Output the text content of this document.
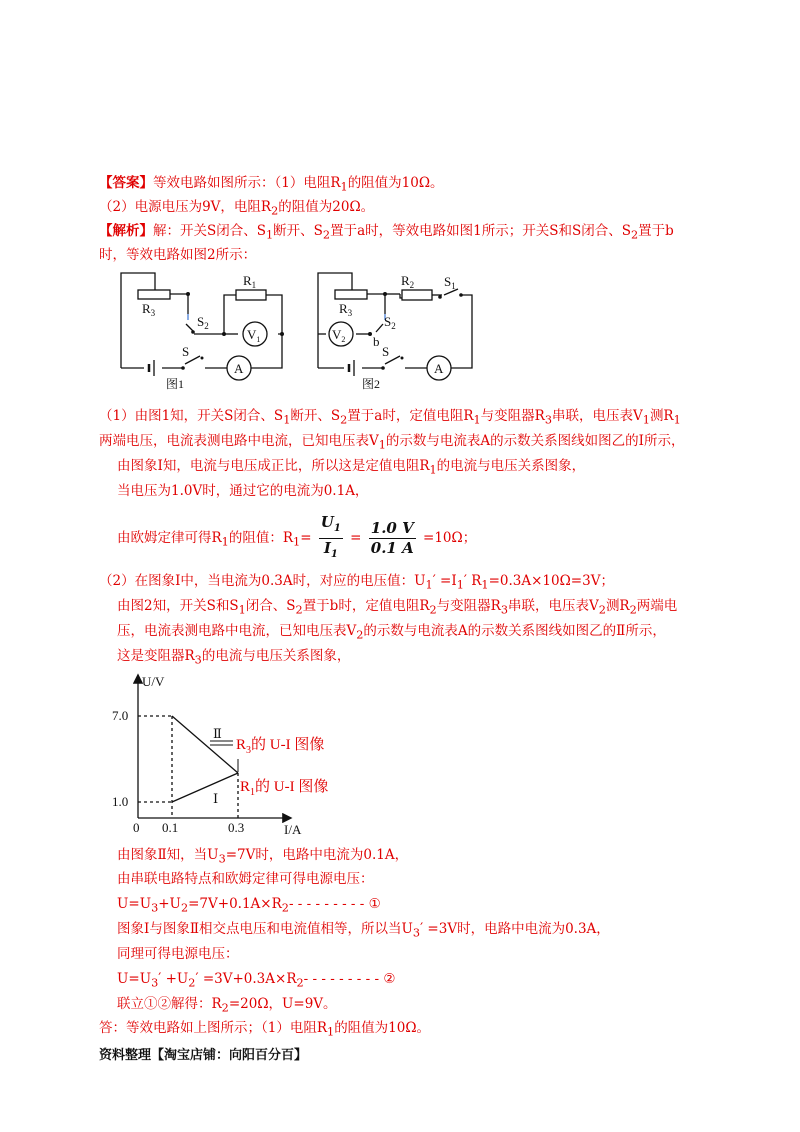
【答案】等效电路如图所示：（1）电阻$R_1$的阻值为10Ω。
（2）电源电压为9V，电阻$R_2$的阻值为20Ω。
【解析】解：开关S闭合、$S_1$断开、$S_2$置于a时，等效电路如图1所示；开关S和S闭合、$S_2$置于b
时，等效电路如图2所示：
$R_3$
$R_1$
$S_2$
$V_1$
S
A
图1
$R_3$
$R_2$ $S_1$
$S_2$
$V_2$ b
S
A
图2
（1）由图1知，开关S闭合、$S_1$断开、$S_2$置于a时，定值电阻$R_1$与变阻器$R_3$串联，电压表$V_1$测$R_1$
两端电压，电流表测电路中电流，已知电压表$V_1$的示数与电流表A的示数关系图线如图乙的Ⅰ所示，
由图象Ⅰ知，电流与电压成正比，所以这是定值电阻$R_1$的电流与电压关系图象，
当电压为1.0V时，通过它的电流为0.1A，
由欧姆定律可得$R_1$的阻值：$R_1= \frac{U_1}{I_1} = \frac{1.0 V}{0.1 A} =10\Omega$；
（2）在图象Ⅰ中，当电流为0.3A时，对应的电压值：$U_1' =I_1'$ $R_1=0.3A\times 10\Omega=3V$；
由图2知，开关S和$S_1$闭合、$S_2$置于b时，定值电阻$R_2$与变阻器$R_3$串联，电压表$V_2$测$R_2$两端电
压，电流表测电路中电流，已知电压表$V_2$的示数与电流表A的示数关系图线如图乙的Ⅱ所示，
这是变阻器$R_3$的电流与电压关系图象，
U/V
I/A
7.0
1.0
0 0.1	0.3
Ⅱ
Ⅰ
$R_3$的 U-I 图像
$R_1$的 U-I 图像
由图象Ⅱ知，当$U_3=7V$时，电路中电流为0.1A，
由串联电路特点和欧姆定律可得电源电压：
$U=U_3+U_2=7V+0.1A\times R_2-$ - - - - - - - - ①
图象Ⅰ与图象Ⅱ相交点电压和电流值相等，所以当$U_3' =3V$时，电路中电流为0.3A，
同理可得电源电压：
$U=U_3' +U_2' =3V+0.3A\times R_2-$ - - - - - - - - ②
联立①②解得：$R_2=20\Omega$，U=9V。
答：等效电路如上图所示；（1）电阻$R_1$的阻值为10Ω。
资料整理【淘宝店铺：向阳百分百】
